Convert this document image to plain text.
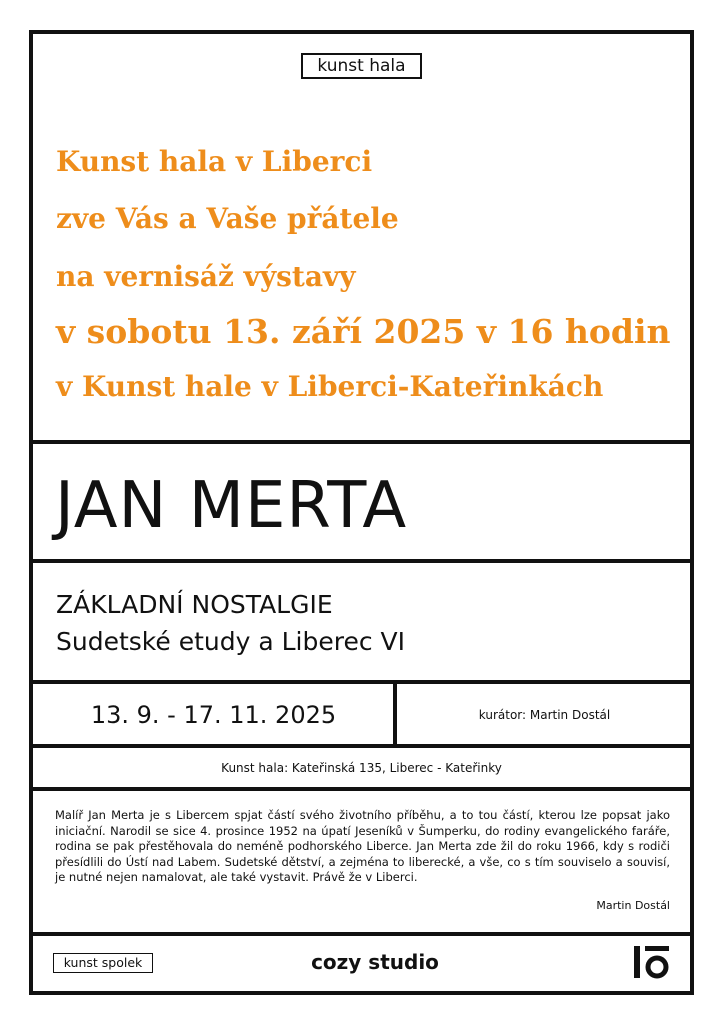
kunst hala
Kunst hala v Liberci
zve Vás a Vaše přátele
na vernisáž výstavy
v sobotu 13. září 2025 v 16 hodin
v Kunst hale v Liberci-Kateřinkách
JAN MERTA
ZÁKLADNÍ NOSTALGIE
Sudetské etudy a Liberec VI
13. 9. - 17. 11. 2025	kurátor: Martin Dostál
Kunst hala: Kateřinská 135, Liberec - Kateřinky

Malíř Jan Merta je s Libercem spjat částí svého životního příběhu, a to tou částí, kterou lze popsat jako iniciační. Narodil se sice 4. prosince 1952 na úpatí Jeseníků v Šumperku, do rodiny evangelického faráře, rodina se pak přestěhovala do neméně podhorského Liberce. Jan Merta zde žil do roku 1966, kdy s rodiči přesídlili do Ústí nad Labem. Sudetské dětství, a zejména to liberecké, a vše, co s tím souviselo a souvisí, je nutné nejen namalovat, ale také vystavit. Právě že v Liberci.

Martin Dostál
kunst spolek	cozy studio
